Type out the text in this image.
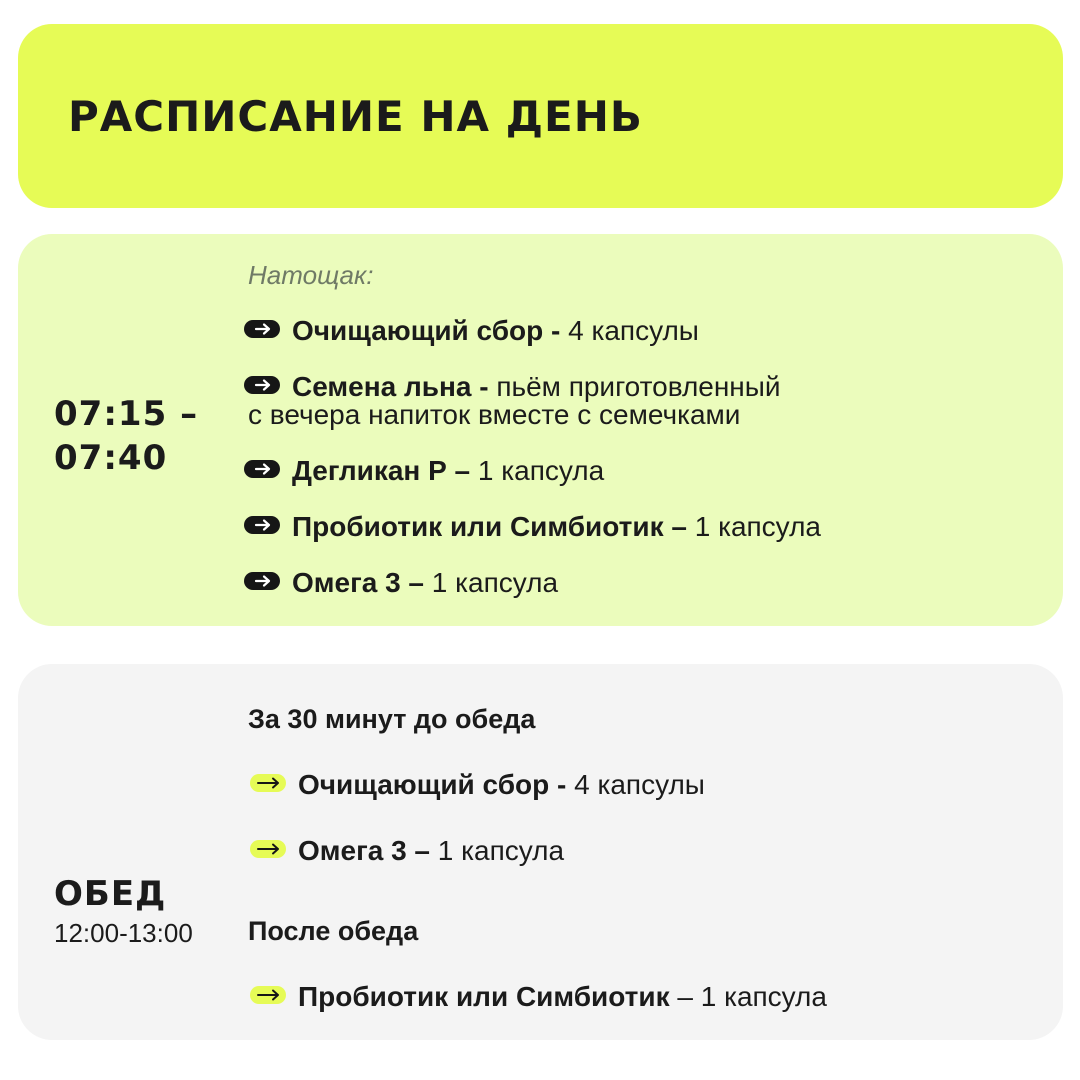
РАСПИСАНИЕ НА ДЕНЬ
07:15 –
07:40
Натощак:
Очищающий сбор - 4 капсулы
Семена льна - пьём приготовленный
с вечера напиток вместе с семечками
Дегликан Р – 1 капсула
Пробиотик или Симбиотик – 1 капсула
Омега 3 – 1 капсула
ОБЕД
12:00-13:00
За 30 минут до обеда
Очищающий сбор - 4 капсулы
Омега 3 – 1 капсула
После обеда
Пробиотик или Симбиотик – 1 капсула
